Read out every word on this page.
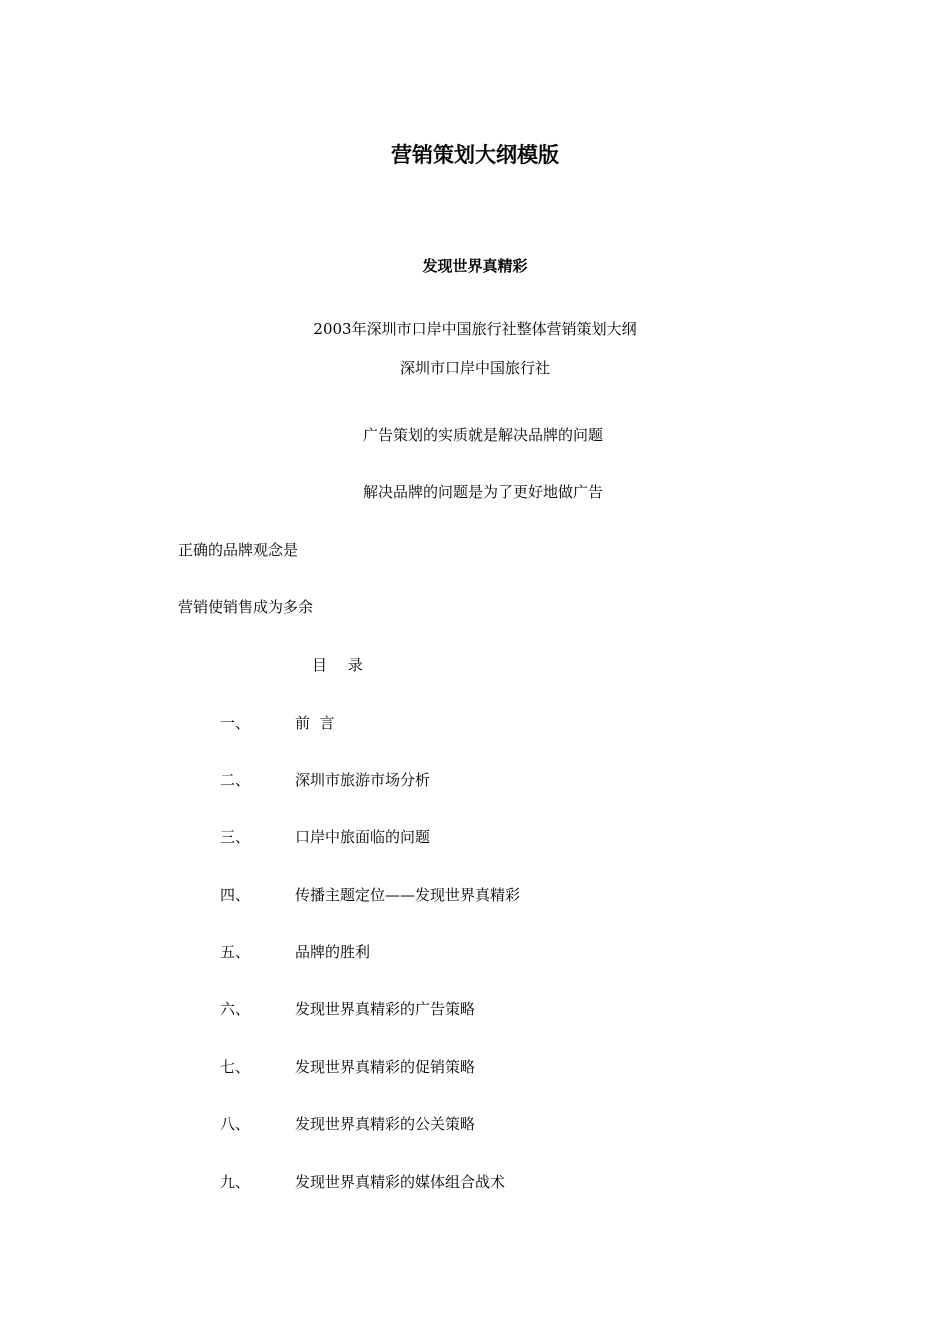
营销策划大纲模版
发现世界真精彩
2003年深圳市口岸中国旅行社整体营销策划大纲
深圳市口岸中国旅行社
广告策划的实质就是解决品牌的问题
解决品牌的问题是为了更好地做广告
正确的品牌观念是
营销使销售成为多余
目 录
一、	前  言
二、	深圳市旅游市场分析
三、	口岸中旅面临的问题
四、	传播主题定位——发现世界真精彩
五、	品牌的胜利
六、	发现世界真精彩的广告策略
七、	发现世界真精彩的促销策略
八、	发现世界真精彩的公关策略
九、	发现世界真精彩的媒体组合战术
